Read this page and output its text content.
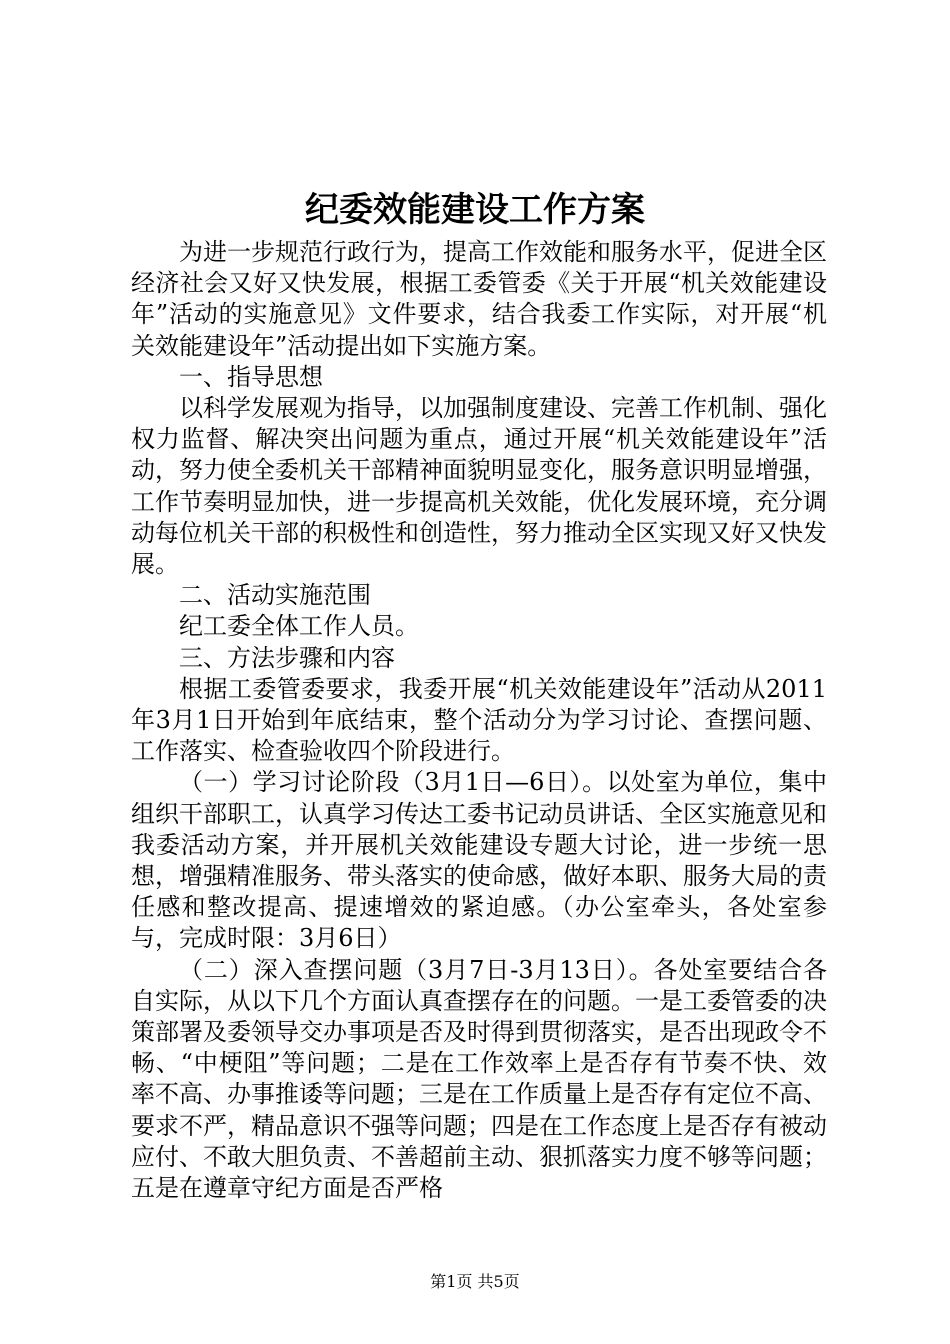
纪委效能建设工作方案

为进一步规范行政行为，提高工作效能和服务水平，促进全区经济社会又好又快发展，根据工委管委《关于开展“机关效能建设年”活动的实施意见》文件要求，结合我委工作实际，对开展“机关效能建设年”活动提出如下实施方案。

一、指导思想

以科学发展观为指导，以加强制度建设、完善工作机制、强化权力监督、解决突出问题为重点，通过开展“机关效能建设年”活动，努力使全委机关干部精神面貌明显变化，服务意识明显增强，工作节奏明显加快，进一步提高机关效能，优化发展环境，充分调动每位机关干部的积极性和创造性，努力推动全区实现又好又快发展。

二、活动实施范围

纪工委全体工作人员。

三、方法步骤和内容

根据工委管委要求，我委开展“机关效能建设年”活动从2011年3月1日开始到年底结束，整个活动分为学习讨论、查摆问题、工作落实、检查验收四个阶段进行。

（一）学习讨论阶段（3月1日—6日）。以处室为单位，集中组织干部职工，认真学习传达工委书记动员讲话、全区实施意见和我委活动方案，并开展机关效能建设专题大讨论，进一步统一思想，增强精准服务、带头落实的使命感，做好本职、服务大局的责任感和整改提高、提速增效的紧迫感。（办公室牵头，各处室参与，完成时限：3月6日）

（二）深入查摆问题（3月7日-3月13日）。各处室要结合各自实际，从以下几个方面认真查摆存在的问题。一是工委管委的决策部署及委领导交办事项是否及时得到贯彻落实，是否出现政令不畅、“中梗阻”等问题；二是在工作效率上是否存有节奏不快、效率不高、办事推诿等问题；三是在工作质量上是否存有定位不高、要求不严，精品意识不强等问题；四是在工作态度上是否存有被动应付、不敢大胆负责、不善超前主动、狠抓落实力度不够等问题；五是在遵章守纪方面是否严格

第1页 共5页
